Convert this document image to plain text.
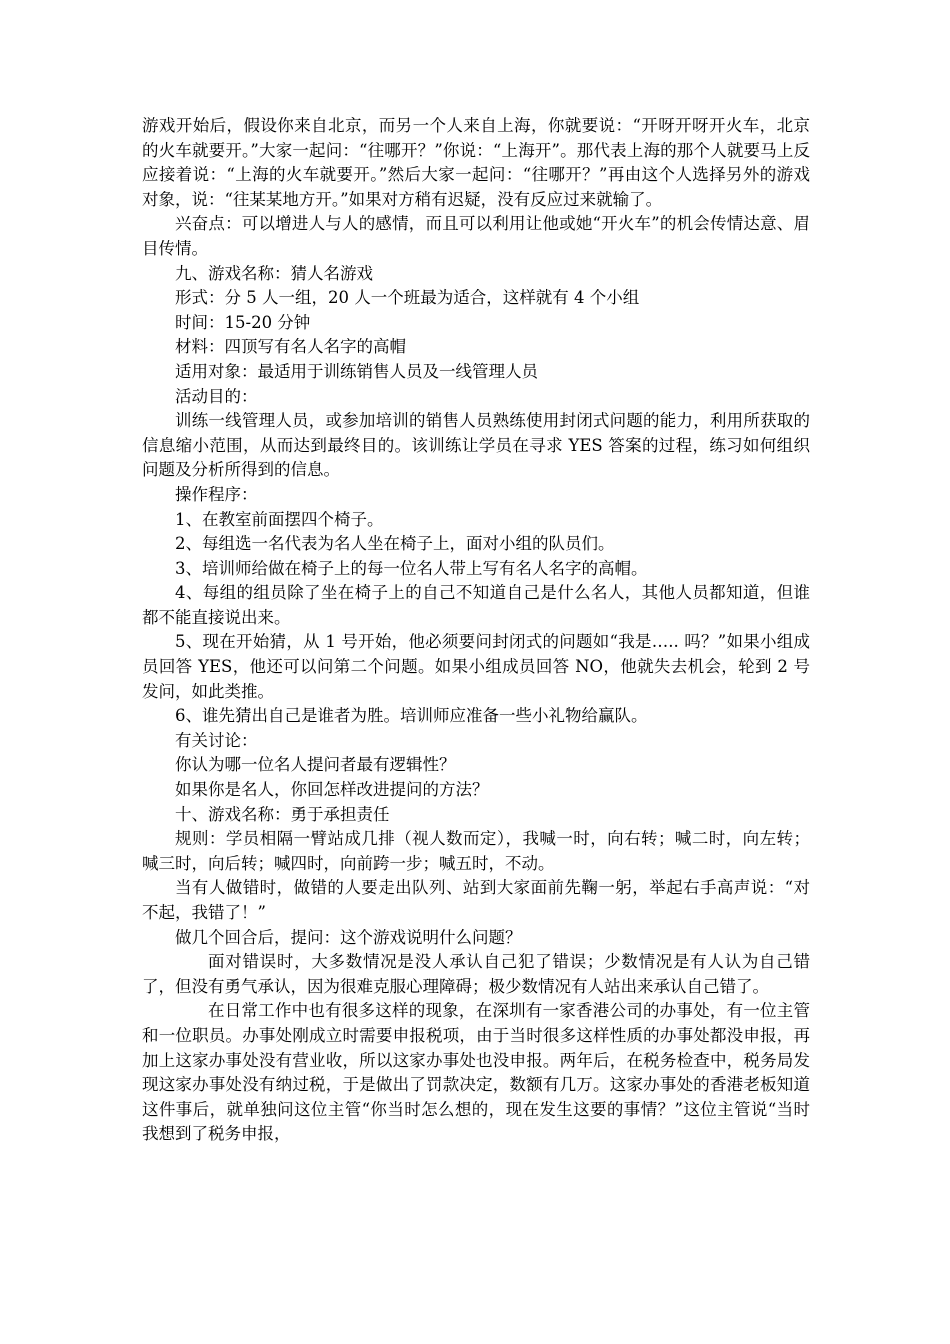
游戏开始后，假设你来自北京，而另一个人来自上海，你就要说：“开呀开呀开火车，北京的火车就要开。”大家一起问：“往哪开？”你说：“上海开”。那代表上海的那个人就要马上反应接着说：“上海的火车就要开。”然后大家一起问：“往哪开？”再由这个人选择另外的游戏对象，说：“往某某地方开。”如果对方稍有迟疑，没有反应过来就输了。

兴奋点：可以增进人与人的感情，而且可以利用让他或她“开火车”的机会传情达意、眉目传情。

九、游戏名称：猜人名游戏

形式：分 5 人一组，20 人一个班最为适合，这样就有 4 个小组

时间：15-20 分钟

材料：四顶写有名人名字的高帽

适用对象：最适用于训练销售人员及一线管理人员

活动目的：

训练一线管理人员，或参加培训的销售人员熟练使用封闭式问题的能力，利用所获取的信息缩小范围，从而达到最终目的。该训练让学员在寻求 YES 答案的过程，练习如何组织问题及分析所得到的信息。

操作程序：

1、在教室前面摆四个椅子。

2、每组选一名代表为名人坐在椅子上，面对小组的队员们。

3、培训师给做在椅子上的每一位名人带上写有名人名字的高帽。

4、每组的组员除了坐在椅子上的自己不知道自己是什么名人，其他人员都知道，但谁都不能直接说出来。

5、现在开始猜，从 1 号开始，他必须要问封闭式的问题如“我是….. 吗？”如果小组成员回答 YES，他还可以问第二个问题。如果小组成员回答 NO，他就失去机会，轮到 2 号发问，如此类推。

6、谁先猜出自己是谁者为胜。培训师应准备一些小礼物给赢队。

有关讨论：

你认为哪一位名人提问者最有逻辑性？

如果你是名人，你回怎样改进提问的方法？

十、游戏名称：勇于承担责任

规则：学员相隔一臂站成几排（视人数而定），我喊一时，向右转；喊二时，向左转；喊三时，向后转；喊四时，向前跨一步；喊五时，不动。

当有人做错时，做错的人要走出队列、站到大家面前先鞠一躬，举起右手高声说：“对不起，我错了！”

做几个回合后，提问：这个游戏说明什么问题？

面对错误时，大多数情况是没人承认自己犯了错误；少数情况是有人认为自己错了，但没有勇气承认，因为很难克服心理障碍；极少数情况有人站出来承认自己错了。

在日常工作中也有很多这样的现象，在深圳有一家香港公司的办事处，有一位主管和一位职员。办事处刚成立时需要申报税项，由于当时很多这样性质的办事处都没申报，再加上这家办事处没有营业收，所以这家办事处也没申报。两年后，在税务检查中，税务局发现这家办事处没有纳过税，于是做出了罚款决定，数额有几万。这家办事处的香港老板知道这件事后，就单独问这位主管“你当时怎么想的，现在发生这要的事情？”这位主管说“当时我想到了税务申报，
